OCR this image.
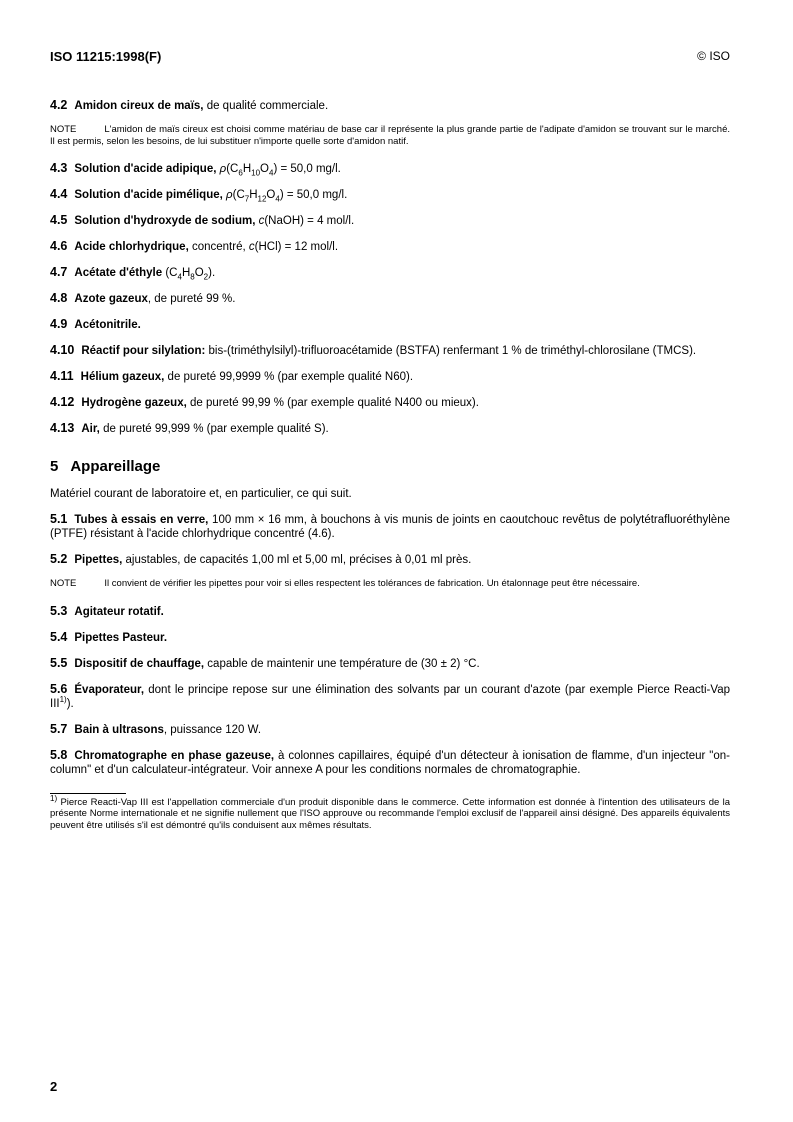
ISO 11215:1998(F)	© ISO

4.2 Amidon cireux de maïs, de qualité commerciale.

NOTE	L'amidon de maïs cireux est choisi comme matériau de base car il représente la plus grande partie de l'adipate d'amidon se trouvant sur le marché. Il est permis, selon les besoins, de lui substituer n'importe quelle sorte d'amidon natif.

4.3 Solution d'acide adipique, $\rho(C_6H_{10}O_4) = 50,0$ mg/l.

4.4 Solution d'acide pimélique, $\rho(C_7H_{12}O_4) = 50,0$ mg/l.

4.5 Solution d'hydroxyde de sodium, c(NaOH) = 4 mol/l.

4.6 Acide chlorhydrique, concentré, c(HCl) = 12 mol/l.

4.7 Acétate d'éthyle $(C_4H_8O_2)$.

4.8 Azote gazeux, de pureté 99 %.

4.9 Acétonitrile.

4.10 Réactif pour silylation: bis-(triméthylsilyl)-trifluoroacétamide (BSTFA) renfermant 1 % de triméthyl-chlorosilane (TMCS).

4.11 Hélium gazeux, de pureté 99,9999 % (par exemple qualité N60).

4.12 Hydrogène gazeux, de pureté 99,99 % (par exemple qualité N400 ou mieux).

4.13 Air, de pureté 99,999 % (par exemple qualité S).

5 Appareillage

Matériel courant de laboratoire et, en particulier, ce qui suit.

5.1 Tubes à essais en verre, 100 mm × 16 mm, à bouchons à vis munis de joints en caoutchouc revêtus de polytétrafluoréthylène (PTFE) résistant à l'acide chlorhydrique concentré (4.6).

5.2 Pipettes, ajustables, de capacités 1,00 ml et 5,00 ml, précises à 0,01 ml près.

NOTE	Il convient de vérifier les pipettes pour voir si elles respectent les tolérances de fabrication. Un étalonnage peut être nécessaire.

5.3 Agitateur rotatif.

5.4 Pipettes Pasteur.

5.5 Dispositif de chauffage, capable de maintenir une température de (30 ± 2) °C.

5.6 Évaporateur, dont le principe repose sur une élimination des solvants par un courant d'azote (par exemple Pierce Reacti-Vap III$^{1)}$).

5.7 Bain à ultrasons, puissance 120 W.

5.8 Chromatographe en phase gazeuse, à colonnes capillaires, équipé d'un détecteur à ionisation de flamme, d'un injecteur "on-column" et d'un calculateur-intégrateur. Voir annexe A pour les conditions normales de chromatographie.

$^{1)}$ Pierce Reacti-Vap III est l'appellation commerciale d'un produit disponible dans le commerce. Cette information est donnée à l'intention des utilisateurs de la présente Norme internationale et ne signifie nullement que l'ISO approuve ou recommande l'emploi exclusif de l'appareil ainsi désigné. Des appareils équivalents peuvent être utilisés s'il est démontré qu'ils conduisent aux mêmes résultats.

2
